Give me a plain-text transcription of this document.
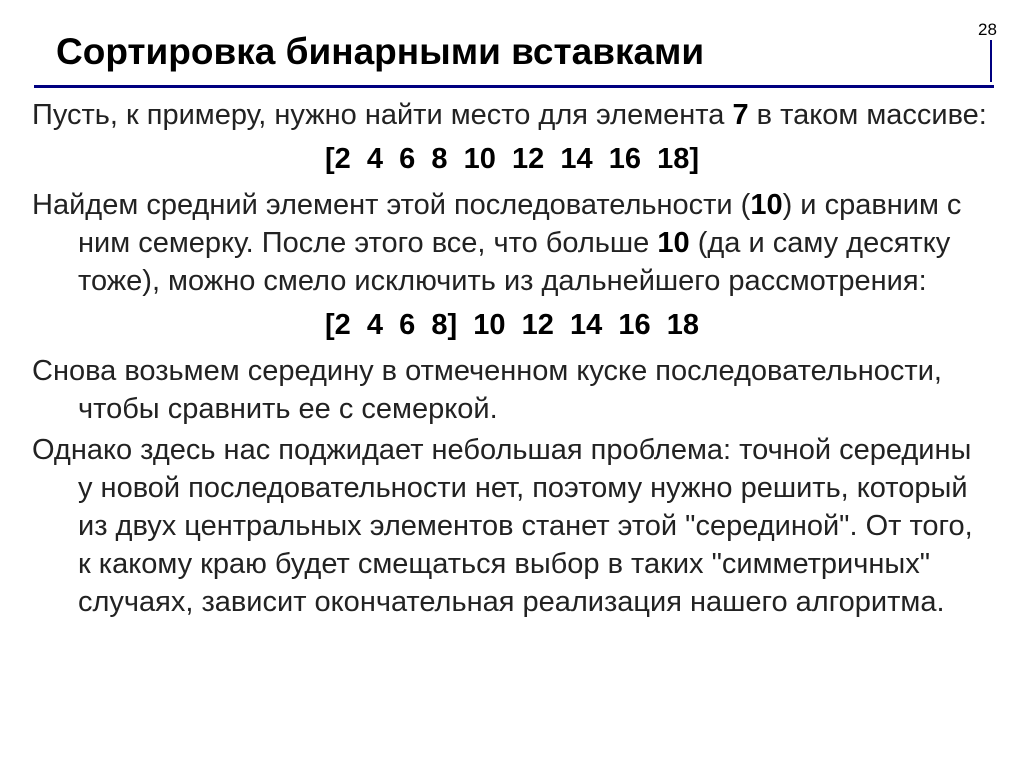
28
Сортировка бинарными вставками

Пусть, к примеру, нужно найти место для элемента 7 в таком массиве:

[2  4  6  8  10  12  14  16  18]

Найдем средний элемент этой последовательности (10) и сравним с ним семерку. После этого все, что больше 10 (да и саму десятку тоже), можно смело исключить из дальнейшего рассмотрения:

[2  4  6  8]  10  12  14  16  18

Снова возьмем середину в отмеченном куске последовательности, чтобы сравнить ее с семеркой.

Однако здесь нас поджидает небольшая проблема: точной середины у новой последовательности нет, поэтому нужно решить, который из двух центральных элементов станет этой "серединой". От того, к какому краю будет смещаться выбор в таких "симметричных" случаях, зависит окончательная реализация нашего алгоритма.
